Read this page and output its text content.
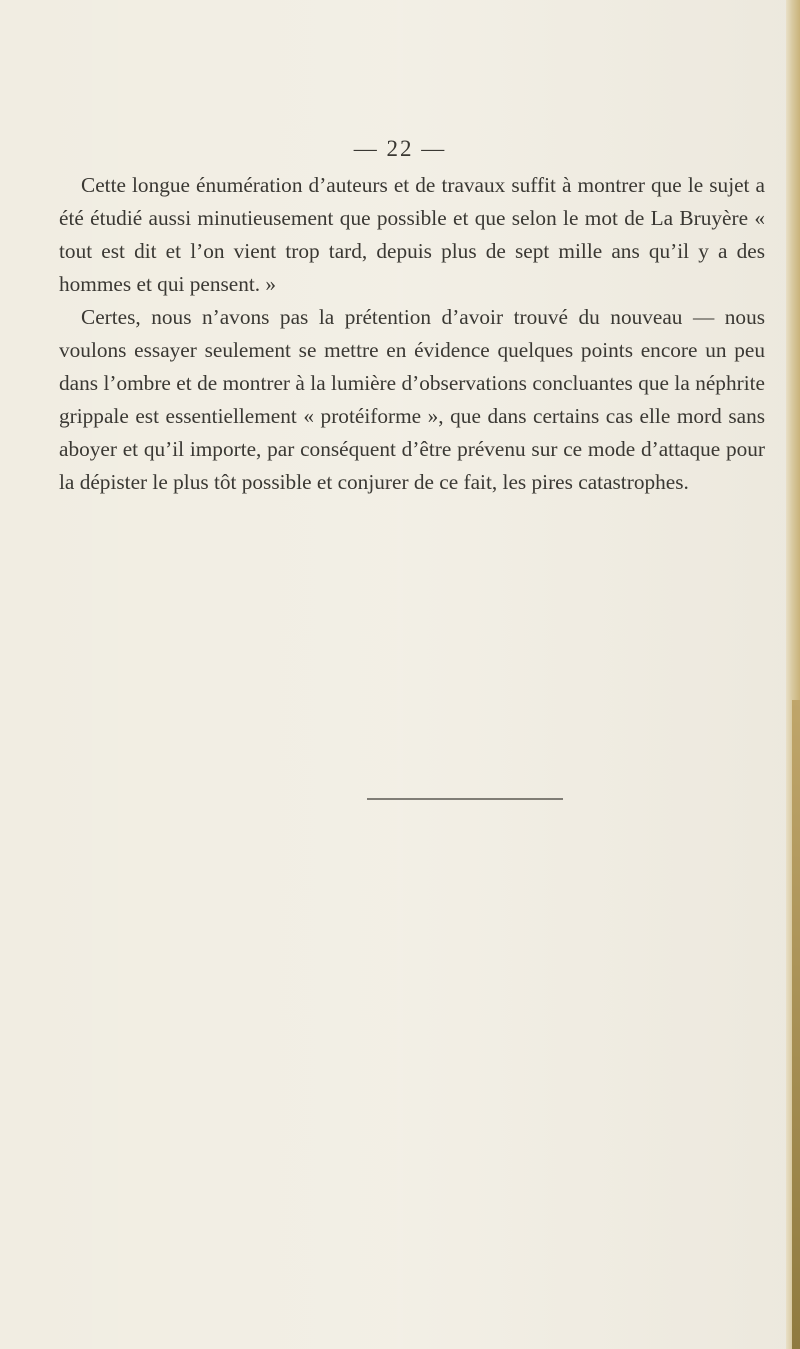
— 22 —

Cette longue énumération d’auteurs et de travaux suffit à montrer que le sujet a été étudié aussi minutieusement que possible et que selon le mot de La Bruyère « tout est dit et l’on vient trop tard, depuis plus de sept mille ans qu’il y a des hommes et qui pensent. »

Certes, nous n’avons pas la prétention d’avoir trouvé du nouveau — nous voulons essayer seulement se mettre en évidence quelques points encore un peu dans l’ombre et de montrer à la lumière d’observations concluantes que la néphrite grippale est essentiellement « protéiforme », que dans certains cas elle mord sans aboyer et qu’il importe, par conséquent d’être prévenu sur ce mode d’attaque pour la dépister le plus tôt possible et conjurer de ce fait, les pires catastrophes.
